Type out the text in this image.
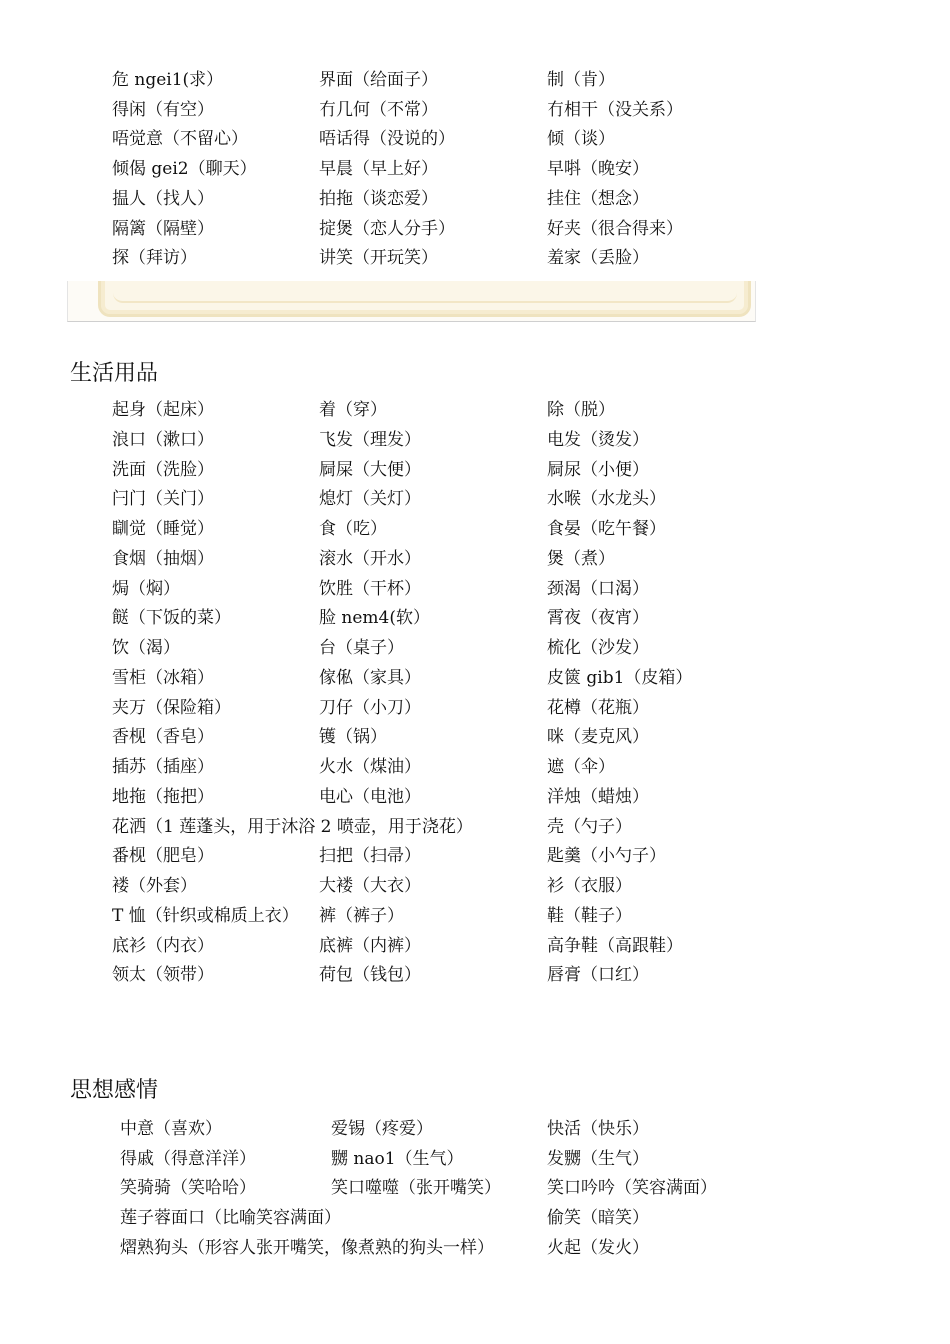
危 ngei1(求）	界面（给面子）	制（肯）
得闲（有空）	冇几何（不常）	冇相干（没关系）
唔觉意（不留心）	唔话得（没说的）	倾（谈）
倾偈 gei2（聊天）	早晨（早上好）	早唞（晚安）
揾人（找人）	拍拖（谈恋爱）	挂住（想念）
隔篱（隔壁）	掟煲（恋人分手）	好夹（很合得来）
探（拜访）	讲笑（开玩笑）	羞家（丢脸）
生活用品
起身（起床）	着（穿）	除（脱）
浪口（漱口）	飞发（理发）	电发（烫发）
洗面（洗脸）	屙屎（大便）	屙尿（小便）
闩门（关门）	熄灯（关灯）	水喉（水龙头）
瞓觉（睡觉）	食（吃）	食晏（吃午餐）
食烟（抽烟）	滚水（开水）	煲（煮）
焗（焖）	饮胜（干杯）	颈渴（口渴）
餸（下饭的菜）	脸 nem4(软）	霄夜（夜宵）
饮（渴）	台（桌子）	梳化（沙发）
雪柜（冰箱）	傢俬（家具）	皮篋 gib1（皮箱）
夹万（保险箱）	刀仔（小刀）	花樽（花瓶）
香枧（香皂）	镬（锅）	咪（麦克风）
插苏（插座）	火水（煤油）	遮（伞）
地拖（拖把）	电心（电池）	洋烛（蜡烛）
花洒（1 莲蓬头，用于沐浴 2 喷壶，用于浇花）	壳（勺子）
番枧（肥皂）	扫把（扫帚）	匙羹（小勺子）
褛（外套）	大褛（大衣）	衫（衣服）
T 恤（针织或棉质上衣） 裤（裤子）	鞋（鞋子）
底衫（内衣）	底裤（内裤）	高争鞋（高跟鞋）
领太（领带）	荷包（钱包）	唇膏（口红）
思想感情
中意（喜欢）	爱锡（疼爱）	快活（快乐）
得戚（得意洋洋）	嬲 nao1（生气）	发嬲（生气）
笑骑骑（笑哈哈）	笑口噬噬（张开嘴笑）	笑口吟吟（笑容满面）
莲子蓉面口（比喻笑容满面）	偷笑（暗笑）
熠熟狗头（形容人张开嘴笑，像煮熟的狗头一样）	火起（发火）
